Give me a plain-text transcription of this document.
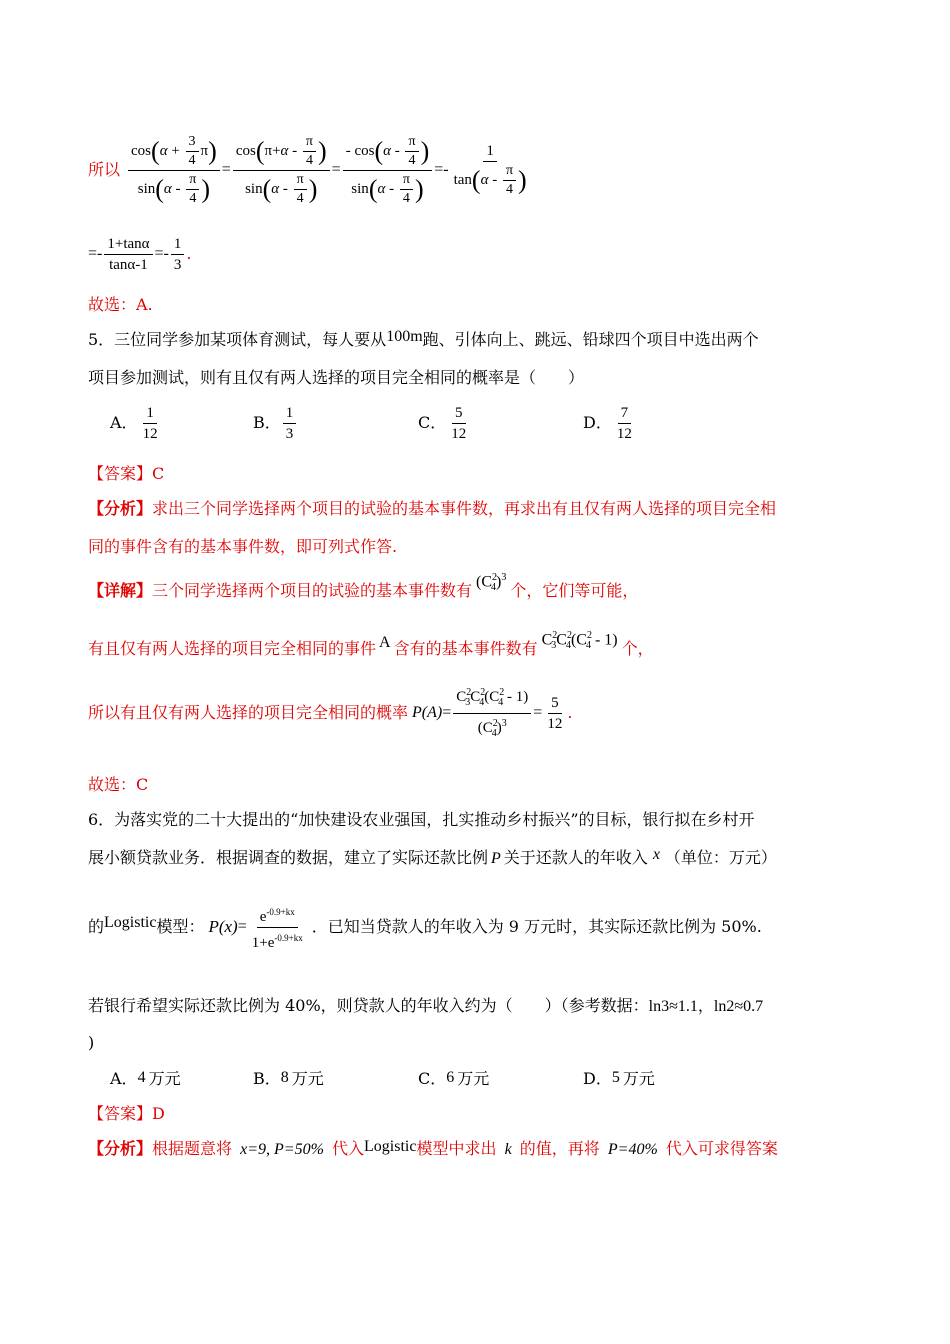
所以 $\frac{\cos(\alpha + \frac{3}{4} \pi)}{\sin(\alpha - \frac{\pi}{4} )} = \frac{\cos(\pi+\alpha - \frac{\pi}{4} )}{\sin(\alpha - \frac{\pi}{4} )} = \frac{- \cos(\alpha - \frac{\pi}{4} )}{\sin(\alpha - \frac{\pi}{4} )} =- \frac{1}{\tan(\alpha - \frac{\pi}{4} )}$
=- $\frac{1+\tan\alpha}{\tan\alpha-1} =- \frac{1}{3}$ .
故选：A.
5．三位同学参加某项体育测试，每人要从100m跑、引体向上、跳远、铅球四个项目中选出两个
项目参加测试，则有且仅有两人选择的项目完全相同的概率是（　　）
A． $\frac{1}{12}$	B． $\frac{1}{3}$	C． $\frac{5}{12}$	D． $\frac{7}{12}$
【答案】C
【分析】求出三个同学选择两个项目的试验的基本事件数，再求出有且仅有两人选择的项目完全相
同的事件含有的基本事件数，即可列式作答.
【详解】 三个同学选择两个项目的试验的基本事件数有 $(C^2_4)^3$
个，它们等可能，
有且仅有两人选择的项目完全相同的事件 A 含有的基本事件数有 $C^2_3C^2_4(C^2_4 - 1)$ 个，
所以有且仅有两人选择的项目完全相同的概率 $P(A) = \frac{C^2_3C^2_4(C^2_4 - 1)}{(C^2_4)^3} = \frac{5}{12}$ .
故选：C
6．为落实党的二十大提出的“加快建设农业强国，扎实推动乡村振兴”的目标，银行拟在乡村开
展小额贷款业务．根据调查的数据，建立了实际还款比例 P 关于还款人的年收入 x （单位：万元）
的 Logistic 模型： $P(x) = \frac{e^{-0.9+kx}}{1+e^{-0.9+kx}}$ ．已知当贷款人的年收入为 9 万元时，其实际还款比例为 50%.
若银行希望实际还款比例为 40%，则贷款人的年收入约为（　　）（参考数据：ln3≈1.1，ln2≈0.7
)
A．4 万元	B．8 万元	C．6 万元	D．5 万元
【答案】D
【分析】根据题意将 x=9, P=50% 代入Logistic模型中求出 k 的值，再将 P=40% 代入可求得答案
